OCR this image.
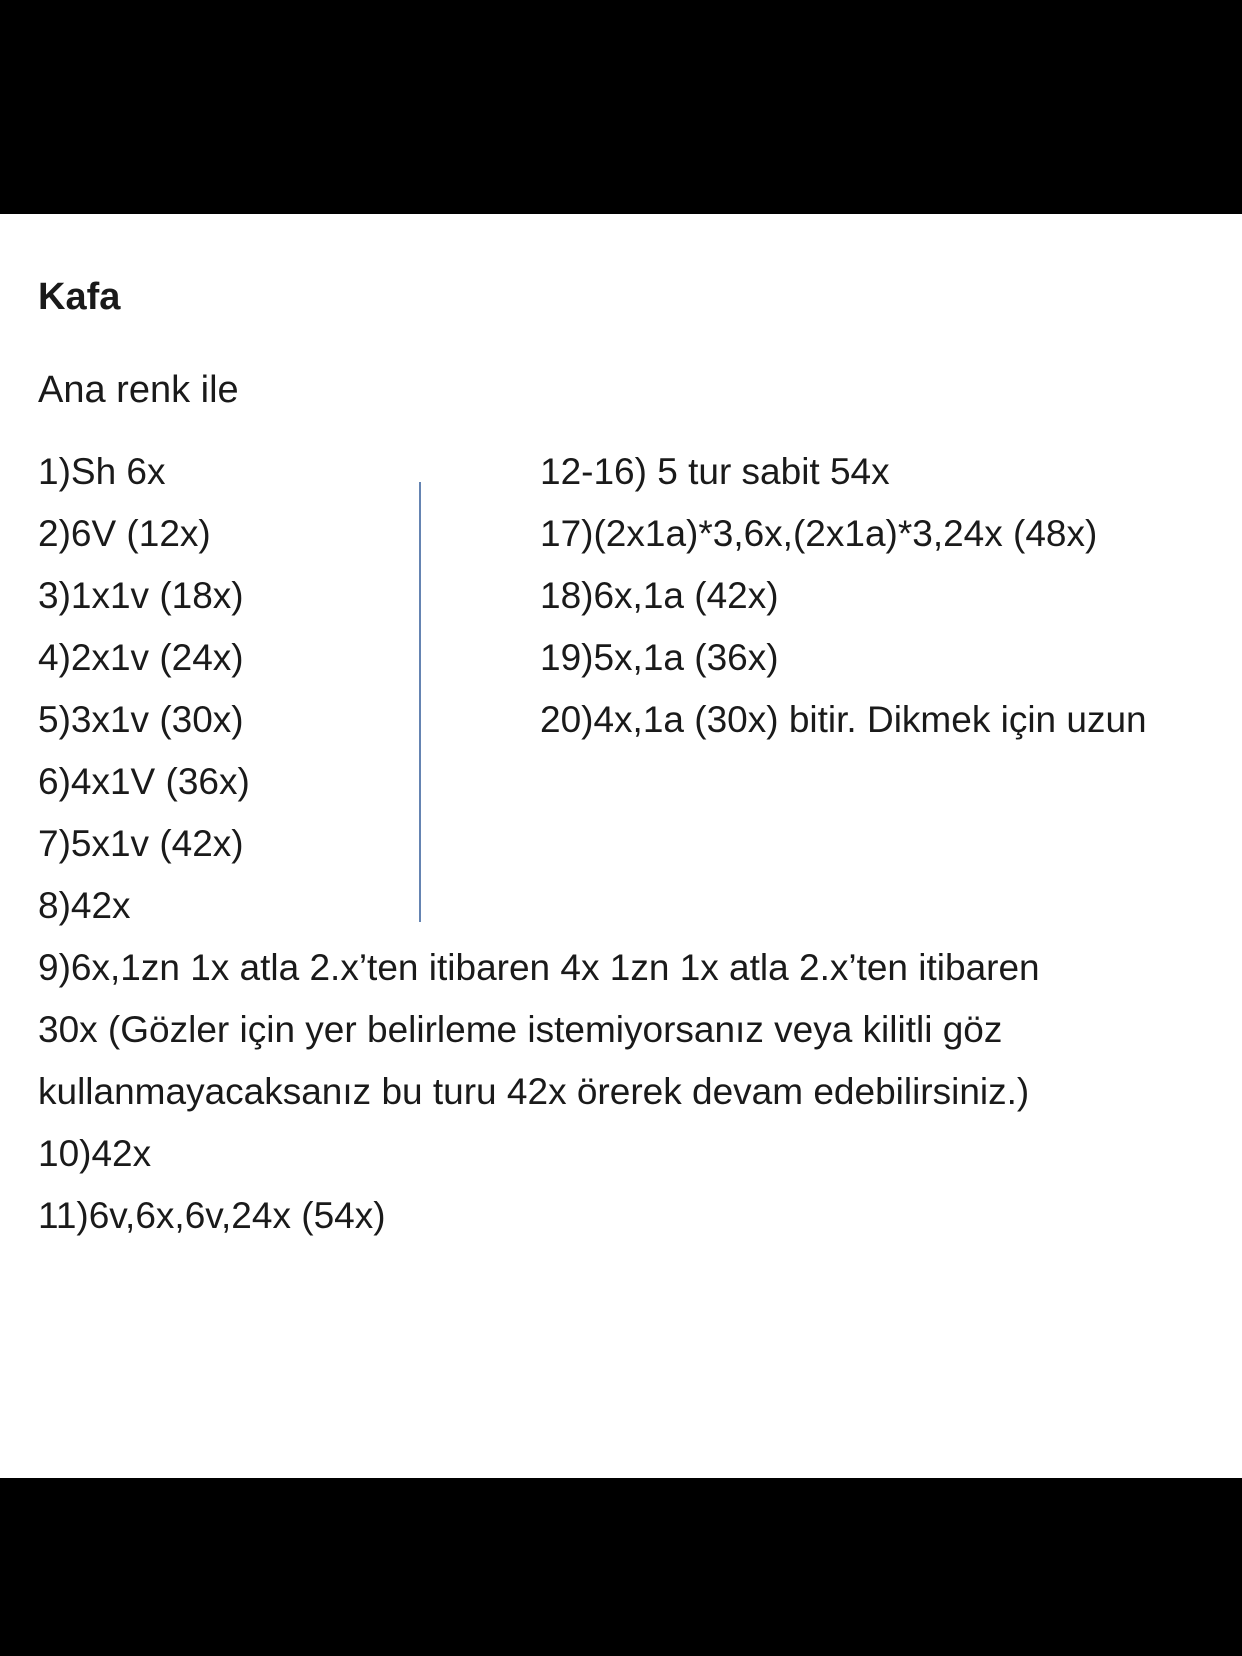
Kafa

Ana renk ile

1)Sh 6x
2)6V (12x)
3)1x1v (18x)
4)2x1v (24x)
5)3x1v (30x)
6)4x1V (36x)
7)5x1v (42x)
8)42x
9)6x,1zn 1x atla 2.x’ten itibaren 4x 1zn 1x atla 2.x’ten itibaren
30x (Gözler için yer belirleme istemiyorsanız veya kilitli göz
kullanmayacaksanız bu turu 42x örerek devam edebilirsiniz.)
10)42x
11)6v,6x,6v,24x (54x)
12-16) 5 tur sabit 54x
17)(2x1a)*3,6x,(2x1a)*3,24x (48x)
18)6x,1a (42x)
19)5x,1a (36x)
20)4x,1a (30x) bitir. Dikmek için uzun
